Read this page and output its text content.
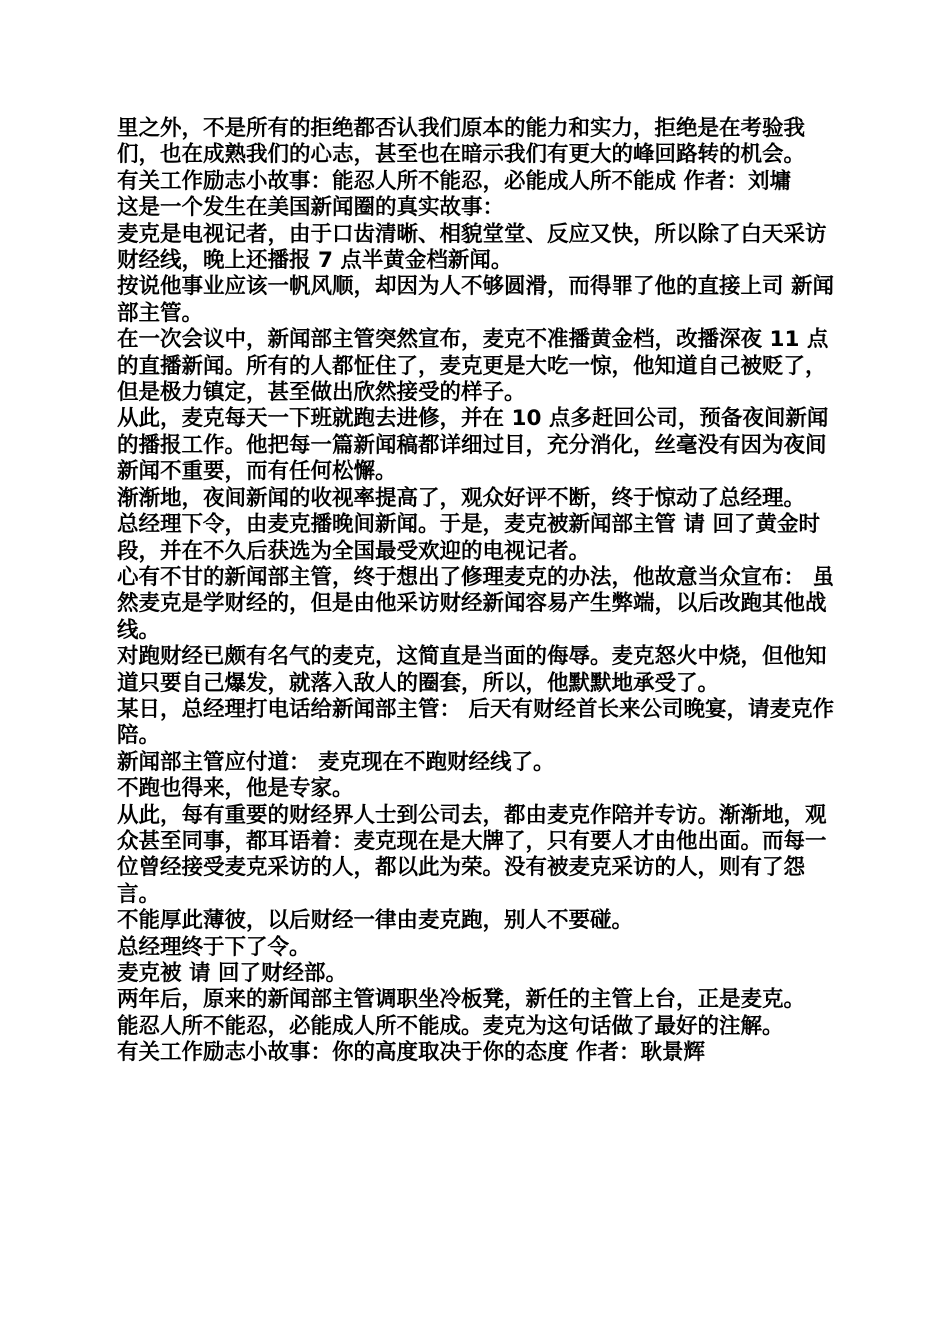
里之外，不是所有的拒绝都否认我们原本的能力和实力，拒绝是在考验我们，也在成熟我们的心志，甚至也在暗示我们有更大的峰回路转的机会。

有关工作励志小故事：能忍人所不能忍，必能成人所不能成 作者：刘墉

这是一个发生在美国新闻圈的真实故事：

麦克是电视记者，由于口齿清晰、相貌堂堂、反应又快，所以除了白天采访财经线，晚上还播报 7 点半黄金档新闻。

按说他事业应该一帆风顺，却因为人不够圆滑，而得罪了他的直接上司 新闻部主管。

在一次会议中，新闻部主管突然宣布，麦克不准播黄金档，改播深夜 11 点的直播新闻。所有的人都怔住了，麦克更是大吃一惊，他知道自己被贬了，但是极力镇定，甚至做出欣然接受的样子。

从此，麦克每天一下班就跑去进修，并在 10 点多赶回公司，预备夜间新闻的播报工作。他把每一篇新闻稿都详细过目，充分消化，丝毫没有因为夜间新闻不重要，而有任何松懈。

渐渐地，夜间新闻的收视率提高了，观众好评不断，终于惊动了总经理。

总经理下令，由麦克播晚间新闻。于是，麦克被新闻部主管 请 回了黄金时段，并在不久后获选为全国最受欢迎的电视记者。

心有不甘的新闻部主管，终于想出了修理麦克的办法，他故意当众宣布： 虽然麦克是学财经的，但是由他采访财经新闻容易产生弊端，以后改跑其他战线。

对跑财经已颇有名气的麦克，这简直是当面的侮辱。麦克怒火中烧，但他知道只要自己爆发，就落入敌人的圈套，所以，他默默地承受了。

某日，总经理打电话给新闻部主管： 后天有财经首长来公司晚宴，请麦克作陪。

新闻部主管应付道： 麦克现在不跑财经线了。

不跑也得来，他是专家。

从此，每有重要的财经界人士到公司去，都由麦克作陪并专访。渐渐地，观众甚至同事，都耳语着：麦克现在是大牌了，只有要人才由他出面。而每一位曾经接受麦克采访的人，都以此为荣。没有被麦克采访的人，则有了怨言。

不能厚此薄彼，以后财经一律由麦克跑，别人不要碰。

总经理终于下了令。

麦克被 请 回了财经部。

两年后，原来的新闻部主管调职坐冷板凳，新任的主管上台，正是麦克。

能忍人所不能忍，必能成人所不能成。麦克为这句话做了最好的注解。

有关工作励志小故事：你的高度取决于你的态度 作者：耿景辉
